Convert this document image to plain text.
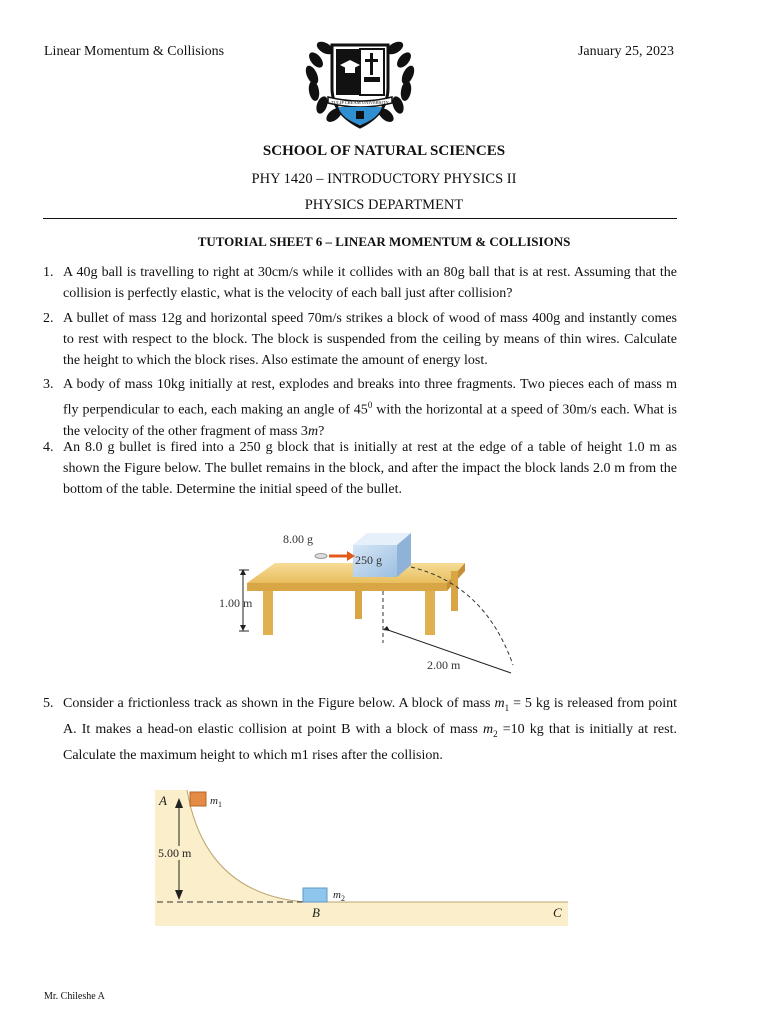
Linear Momentum & Collisions	January 25, 2023
TULIP CREAM UNIVERSITY
SCHOOL OF NATURAL SCIENCES
PHY 1420 – INTRODUCTORY PHYSICS II
PHYSICS DEPARTMENT
TUTORIAL SHEET 6 – LINEAR MOMENTUM & COLLISIONS
1. A 40g ball is travelling to right at 30cm/s while it collides with an 80g ball that is at rest. Assuming that the collision is perfectly elastic, what is the velocity of each ball just after collision?
2. A bullet of mass 12g and horizontal speed 70m/s strikes a block of wood of mass 400g and instantly comes to rest with respect to the block. The block is suspended from the ceiling by means of thin wires. Calculate the height to which the block rises. Also estimate the amount of energy lost.
3. A body of mass 10kg initially at rest, explodes and breaks into three fragments. Two pieces each of mass m fly perpendicular to each, each making an angle of $45^0$ with the horizontal at a speed of 30m/s each. What is the velocity of the other fragment of mass 3m?
4. An 8.0 g bullet is fired into a 250 g block that is initially at rest at the edge of a table of height 1.0 m as shown the Figure below. The bullet remains in the block, and after the impact the block lands 2.0 m from the bottom of the table. Determine the initial speed of the bullet.
8.00 g
250 g
1.00 m
2.00 m
5. Consider a frictionless track as shown in the Figure below. A block of mass $m_1 = 5$ kg is released from point A. It makes a head-on elastic collision at point B with a block of mass $m_2 =10$ kg that is initially at rest. Calculate the maximum height to which m1 rises after the collision.
5.00 m
A	$m_1$
$m_2$
B	C
Mr. Chileshe A
